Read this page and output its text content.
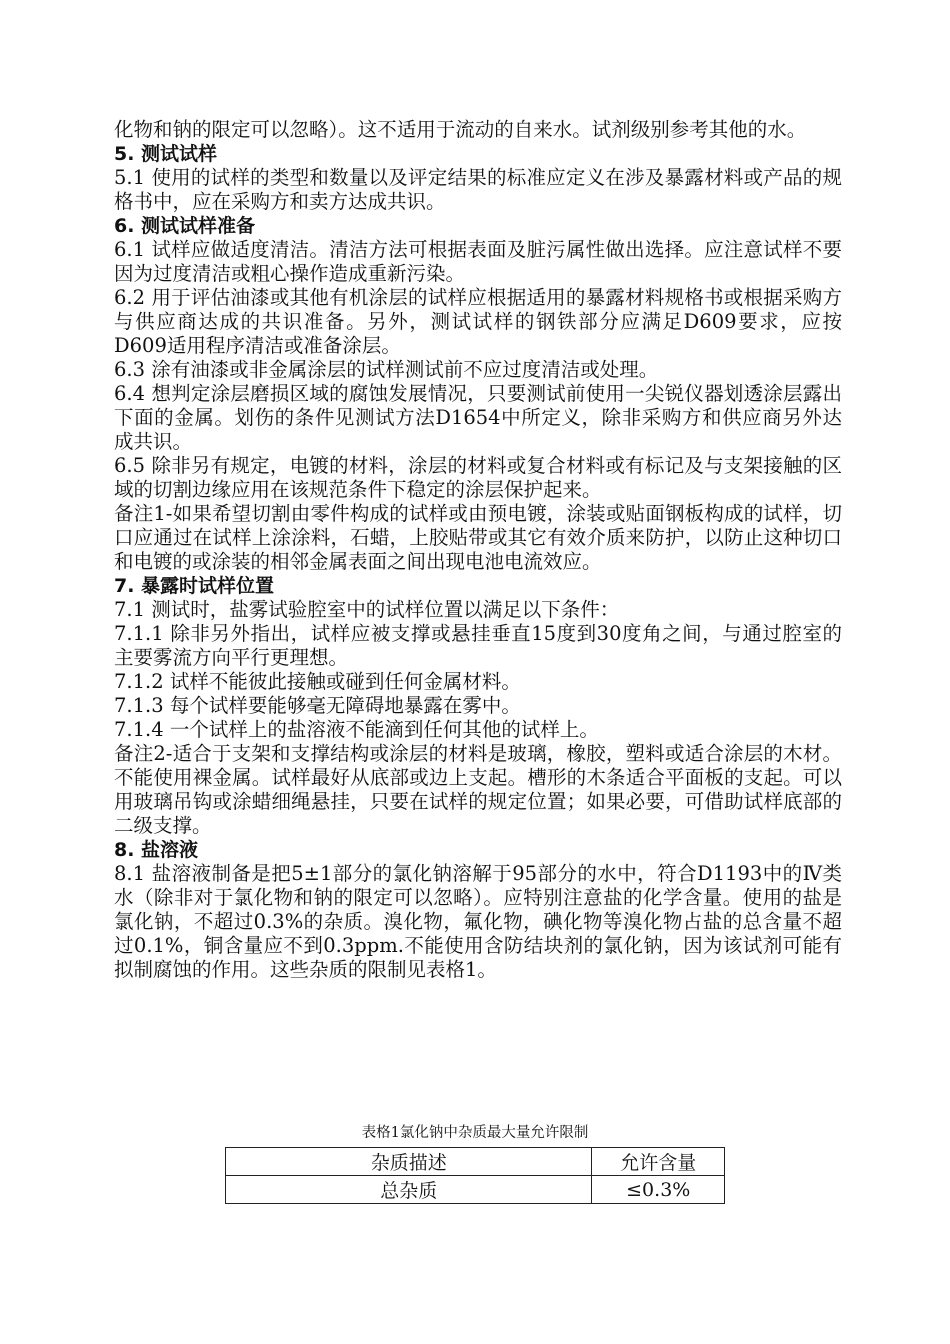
化物和钠的限定可以忽略）。这不适用于流动的自来水。试剂级别参考其他的水。

5. 测试试样

5.1 使用的试样的类型和数量以及评定结果的标准应定义在涉及暴露材料或产品的规格书中，应在采购方和卖方达成共识。

6. 测试试样准备

6.1 试样应做适度清洁。清洁方法可根据表面及脏污属性做出选择。应注意试样不要因为过度清洁或粗心操作造成重新污染。

6.2 用于评估油漆或其他有机涂层的试样应根据适用的暴露材料规格书或根据采购方与供应商达成的共识准备。另外，测试试样的钢铁部分应满足D609要求，应按D609适用程序清洁或准备涂层。

6.3 涂有油漆或非金属涂层的试样测试前不应过度清洁或处理。

6.4 想判定涂层磨损区域的腐蚀发展情况，只要测试前使用一尖锐仪器划透涂层露出下面的金属。划伤的条件见测试方法D1654中所定义，除非采购方和供应商另外达成共识。

6.5 除非另有规定，电镀的材料，涂层的材料或复合材料或有标记及与支架接触的区域的切割边缘应用在该规范条件下稳定的涂层保护起来。

备注1-如果希望切割由零件构成的试样或由预电镀，涂装或贴面钢板构成的试样，切口应通过在试样上涂涂料，石蜡，上胶贴带或其它有效介质来防护，以防止这种切口和电镀的或涂装的相邻金属表面之间出现电池电流效应。

7. 暴露时试样位置

7.1 测试时，盐雾试验腔室中的试样位置以满足以下条件：

7.1.1 除非另外指出，试样应被支撑或悬挂垂直15度到30度角之间，与通过腔室的主要雾流方向平行更理想。

7.1.2 试样不能彼此接触或碰到任何金属材料。

7.1.3 每个试样要能够毫无障碍地暴露在雾中。

7.1.4 一个试样上的盐溶液不能滴到任何其他的试样上。

备注2-适合于支架和支撑结构或涂层的材料是玻璃，橡胶，塑料或适合涂层的木材。不能使用裸金属。试样最好从底部或边上支起。槽形的木条适合平面板的支起。可以用玻璃吊钩或涂蜡细绳悬挂，只要在试样的规定位置；如果必要，可借助试样底部的二级支撑。

8. 盐溶液

8.1 盐溶液制备是把5±1部分的氯化钠溶解于95部分的水中，符合D1193中的Ⅳ类水（除非对于氯化物和钠的限定可以忽略）。应特别注意盐的化学含量。使用的盐是氯化钠，不超过0.3%的杂质。溴化物，氟化物，碘化物等溴化物占盐的总含量不超过0.1%，铜含量应不到0.3ppm.不能使用含防结块剂的氯化钠，因为该试剂可能有拟制腐蚀的作用。这些杂质的限制见表格1。

表格1氯化钠中杂质最大量允许限制
杂质描述	允许含量
总杂质	≤0.3%
